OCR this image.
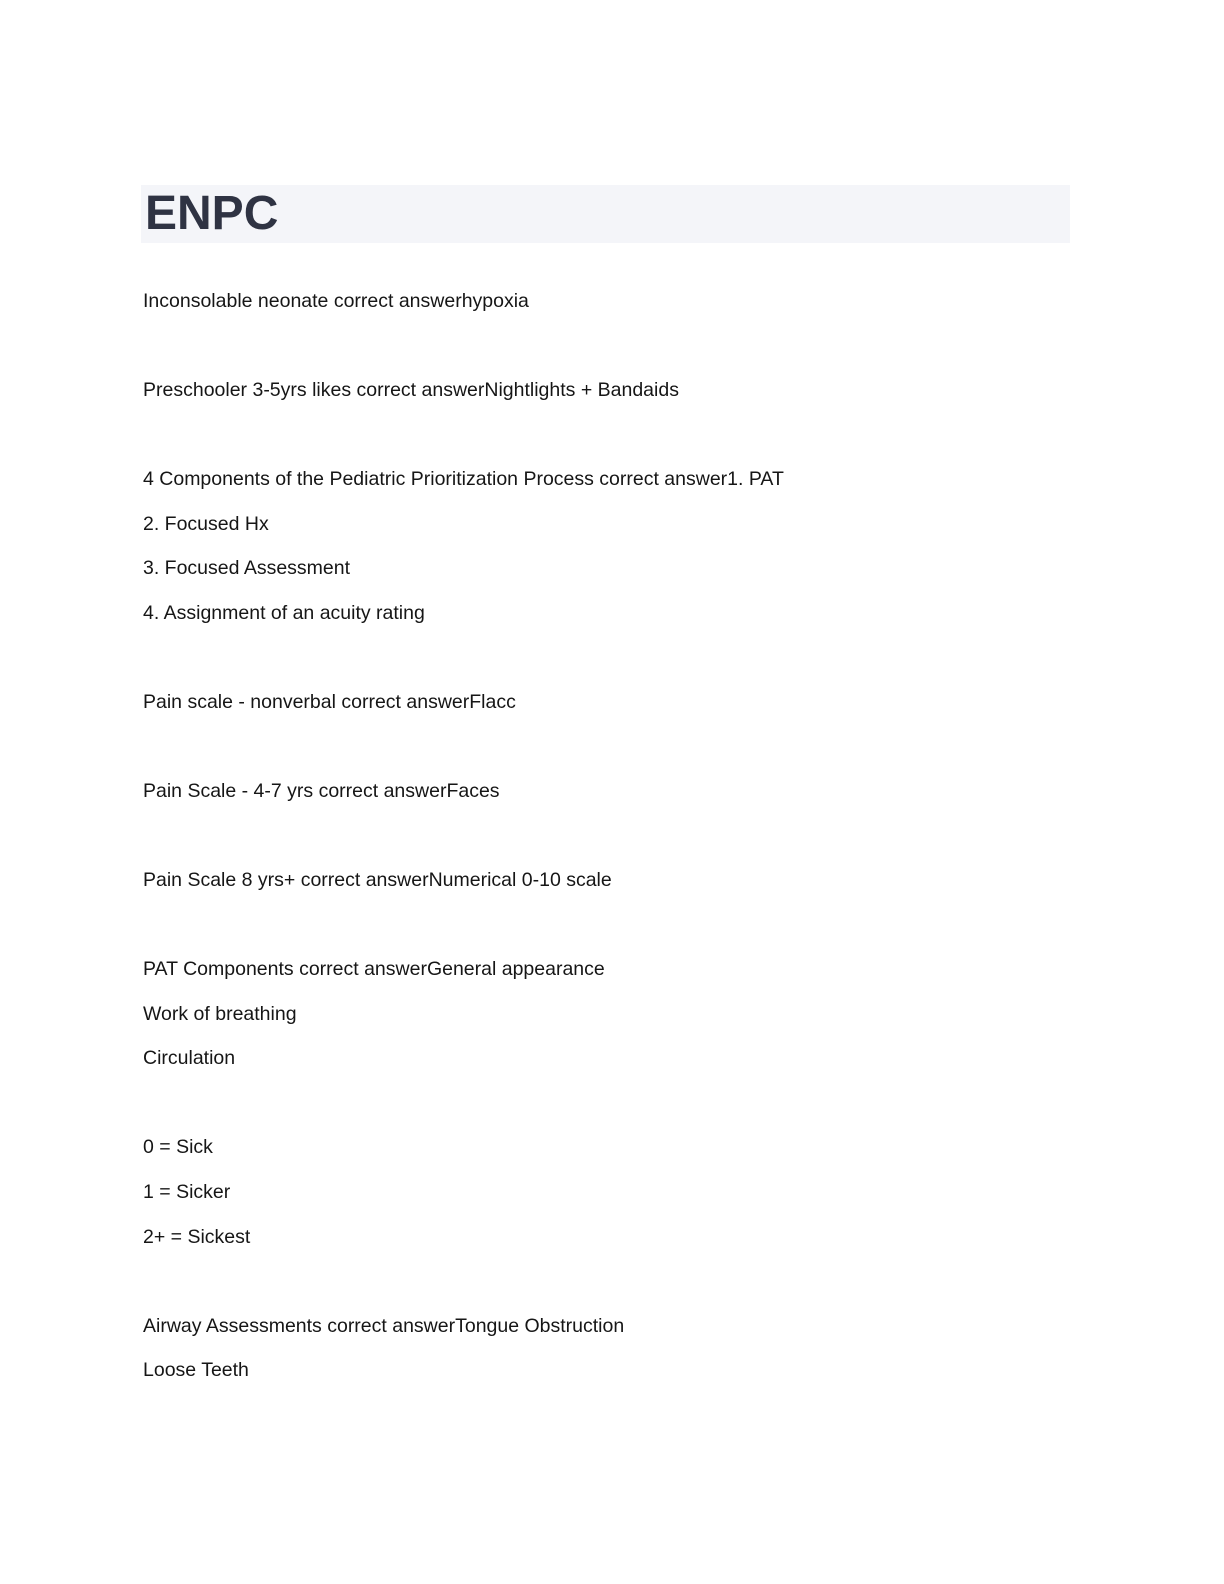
ENPC
Inconsolable neonate correct answerhypoxia
Preschooler 3-5yrs likes correct answerNightlights + Bandaids
4 Components of the Pediatric Prioritization Process correct answer1. PAT
2. Focused Hx
3. Focused Assessment
4. Assignment of an acuity rating
Pain scale - nonverbal correct answerFlacc
Pain Scale - 4-7 yrs correct answerFaces
Pain Scale 8 yrs+ correct answerNumerical 0-10 scale
PAT Components correct answerGeneral appearance
Work of breathing
Circulation
0 = Sick
1 = Sicker
2+ = Sickest
Airway Assessments correct answerTongue Obstruction
Loose Teeth
